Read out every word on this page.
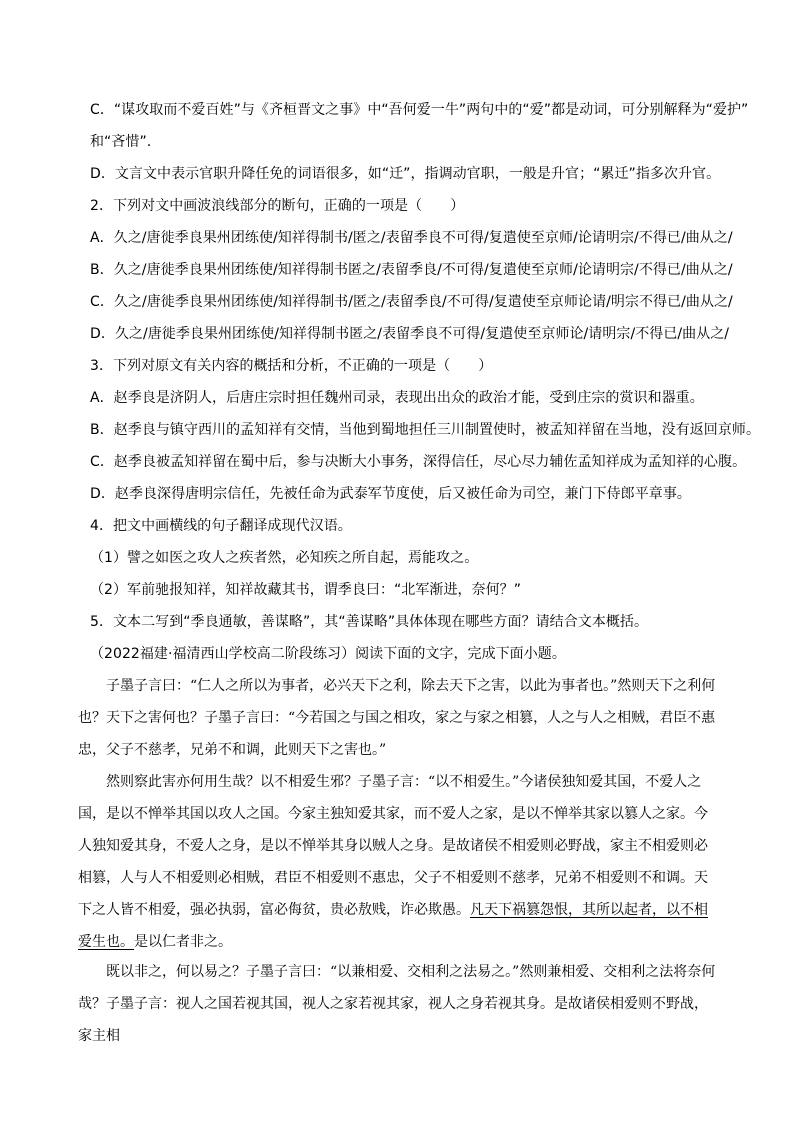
C．“谋攻取而不爱百姓”与《齐桓晋文之事》中“吾何爱一牛”两句中的“爱”都是动词，可分别解释为“爱护”
和“吝惜”.
D．文言文中表示官职升降任免的词语很多，如“迁”，指调动官职，一般是升官；“累迁”指多次升官。
2．下列对文中画波浪线部分的断句，正确的一项是（　　）
A．久之/唐徙季良果州团练使/知祥得制书/匿之/表留季良不可得/复遣使至京师/论请明宗/不得已/曲从之/
B．久之/唐徙季良果州团练使/知祥得制书匿之/表留季良/不可得/复遣使至京师/论请明宗/不得已/曲从之/
C．久之/唐徙季良果州团练使/知祥得制书/匿之/表留季良/不可得/复遣使至京师论请/明宗不得已/曲从之/
D．久之/唐徙季良果州团练使/知祥得制书匿之/表留季良不可得/复遣使至京师论/请明宗/不得已/曲从之/
3．下列对原文有关内容的概括和分析，不正确的一项是（　　）
A．赵季良是济阴人，后唐庄宗时担任魏州司录，表现出出众的政治才能，受到庄宗的赏识和器重。
B．赵季良与镇守西川的孟知祥有交情，当他到蜀地担任三川制置使时，被孟知祥留在当地，没有返回京师。
C．赵季良被孟知祥留在蜀中后，参与决断大小事务，深得信任，尽心尽力辅佐孟知祥成为孟知祥的心腹。
D．赵季良深得唐明宗信任，先被任命为武泰军节度使，后又被任命为司空，兼门下侍郎平章事。
4．把文中画横线的句子翻译成现代汉语。
（1）譬之如医之攻人之疾者然，必知疾之所自起，焉能攻之。
（2）军前驰报知祥，知祥故藏其书，谓季良曰：“北军渐进，奈何？”
5．文本二写到“季良通敏，善谋略”，其“善谋略”具体体现在哪些方面？请结合文本概括。
（2022福建·福清西山学校高二阶段练习）阅读下面的文字，完成下面小题。
子墨子言曰：“仁人之所以为事者，必兴天下之利，除去天下之害，以此为事者也。”然则天下之利何也？天下之害何也？子墨子言曰：“今若国之与国之相攻，家之与家之相篡，人之与人之相贼，君臣不惠忠，父子不慈孝，兄弟不和调，此则天下之害也。”
然则察此害亦何用生哉？以不相爱生邪？子墨子言：“以不相爱生。”今诸侯独知爱其国，不爱人之国，是以不惮举其国以攻人之国。今家主独知爱其家，而不爱人之家，是以不惮举其家以篡人之家。今人独知爱其身，不爱人之身，是以不惮举其身以贼人之身。是故诸侯不相爱则必野战，家主不相爱则必相篡，人与人不相爱则必相贼，君臣不相爱则不惠忠，父子不相爱则不慈孝，兄弟不相爱则不和调。天下之人皆不相爱，强必执弱，富必侮贫，贵必敖贱，诈必欺愚。凡天下祸篡怨恨，其所以起者，以不相爱生也。是以仁者非之。
既以非之，何以易之？子墨子言曰：“以兼相爱、交相利之法易之。”然则兼相爱、交相利之法将奈何哉？子墨子言：视人之国若视其国，视人之家若视其家，视人之身若视其身。是故诸侯相爱则不野战，家主相
